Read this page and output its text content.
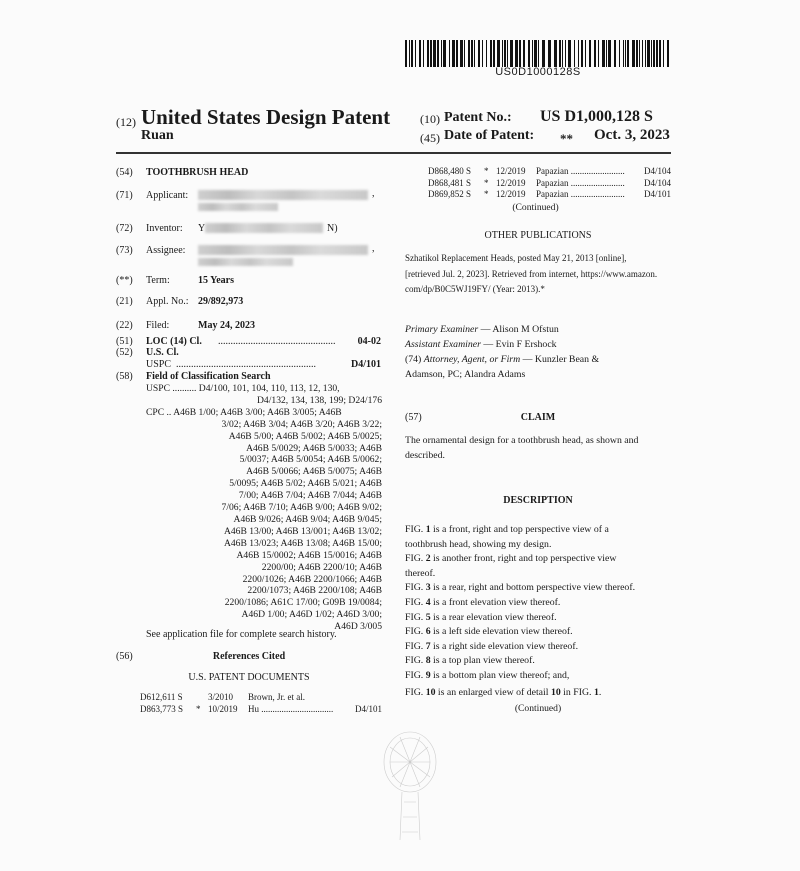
US0D1000128S
(12) United States Design Patent
Ruan
(10) Patent No.: US D1,000,128 S
(45) Date of Patent: ** Oct. 3, 2023
(54) TOOTHBRUSH HEAD
(71) Applicant:	,
(72) Inventor: Y	N)
(73) Assignee:	,
(**) Term:	15 Years
(21) Appl. No.: 29/892,973
(22) Filed:	May 24, 2023
(51) LOC (14) Cl. ...............................................	04-02
(52) U.S. Cl.
USPC ........................................................	D4/101
(58) Field of Classification Search
USPC .......... D4/100, 101, 104, 110, 113, 12, 130,
D4/132, 134, 138, 199; D24/176
CPC .. A46B 1/00; A46B 3/00; A46B 3/005; A46B
3/02; A46B 3/04; A46B 3/20; A46B 3/22;
A46B 5/00; A46B 5/002; A46B 5/0025;
A46B 5/0029; A46B 5/0033; A46B
5/0037; A46B 5/0054; A46B 5/0062;
A46B 5/0066; A46B 5/0075; A46B
5/0095; A46B 5/02; A46B 5/021; A46B
7/00; A46B 7/04; A46B 7/044; A46B
7/06; A46B 7/10; A46B 9/00; A46B 9/02;
A46B 9/026; A46B 9/04; A46B 9/045;
A46B 13/00; A46B 13/001; A46B 13/02;
A46B 13/023; A46B 13/08; A46B 15/00;
A46B 15/0002; A46B 15/0016; A46B
2200/00; A46B 2200/10; A46B
2200/1026; A46B 2200/1066; A46B
2200/1073; A46B 2200/108; A46B
2200/1086; A61C 17/00; G09B 19/0084;
A46D 1/00; A46D 1/02; A46D 3/00;
A46D 3/005
See application file for complete search history.
(56)	References Cited
U.S. PATENT DOCUMENTS
D612,611 S	3/2010 Brown, Jr. et al.
D863,773 S * 10/2019 Hu ................................	D4/101
D868,480 S * 12/2019 Papazian ........................	D4/104
D868,481 S * 12/2019 Papazian ........................	D4/104
D869,852 S * 12/2019 Papazian ........................	D4/101
(Continued)
OTHER PUBLICATIONS
Szhatikol Replacement Heads, posted May 21, 2013 [online],
[retrieved Jul. 2, 2023]. Retrieved from internet, https://www.amazon.
com/dp/B0C5WJ19FY/ (Year: 2013).*
Primary Examiner — Alison M Ofstun
Assistant Examiner — Evin F Ershock
(74) Attorney, Agent, or Firm — Kunzler Bean &
Adamson, PC; Alandra Adams
(57)	CLAIM
The ornamental design for a toothbrush head, as shown and
described.
DESCRIPTION
FIG. 1 is a front, right and top perspective view of a
toothbrush head, showing my design.
FIG. 2 is another front, right and top perspective view
thereof.
FIG. 3 is a rear, right and bottom perspective view thereof.
FIG. 4 is a front elevation view thereof.
FIG. 5 is a rear elevation view thereof.
FIG. 6 is a left side elevation view thereof.
FIG. 7 is a right side elevation view thereof.
FIG. 8 is a top plan view thereof.
FIG. 9 is a bottom plan view thereof; and,
FIG. 10 is an enlarged view of detail 10 in FIG. 1.
(Continued)
